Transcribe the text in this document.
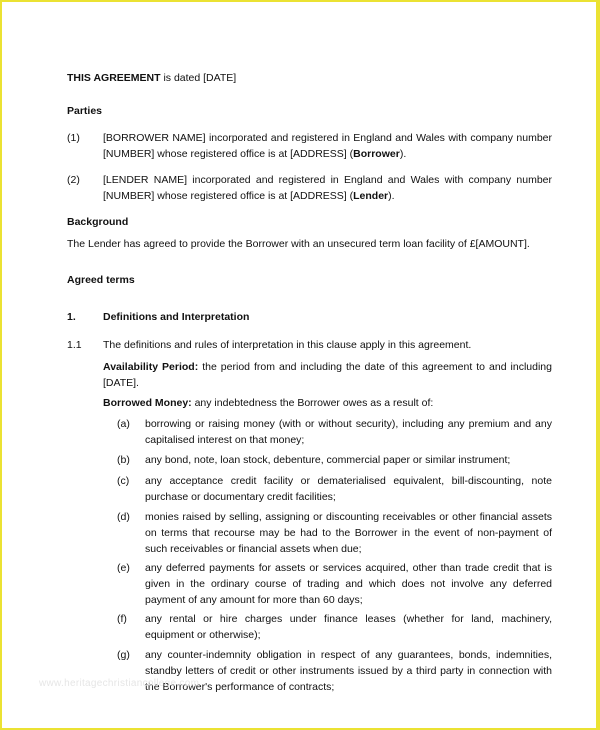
THIS AGREEMENT is dated [DATE]

Parties

(1) [BORROWER NAME] incorporated and registered in England and Wales with company number [NUMBER] whose registered office is at [ADDRESS] (Borrower).
(2) [LENDER NAME] incorporated and registered in England and Wales with company number [NUMBER] whose registered office is at [ADDRESS] (Lender).

Background

The Lender has agreed to provide the Borrower with an unsecured term loan facility of £[AMOUNT].

Agreed terms

1.	Definitions and Interpretation
1.1 The definitions and rules of interpretation in this clause apply in this agreement.
Availability Period: the period from and including the date of this agreement to and including [DATE].
Borrowed Money: any indebtedness the Borrower owes as a result of:
(a) borrowing or raising money (with or without security), including any premium and any capitalised interest on that money;
(b) any bond, note, loan stock, debenture, commercial paper or similar instrument;
(c) any acceptance credit facility or dematerialised equivalent, bill-discounting, note purchase or documentary credit facilities;
(d) monies raised by selling, assigning or discounting receivables or other financial assets on terms that recourse may be had to the Borrower in the event of non-payment of such receivables or financial assets when due;
(e) any deferred payments for assets or services acquired, other than trade credit that is given in the ordinary course of trading and which does not involve any deferred payment of any amount for more than 60 days;
(f) any rental or hire charges under finance leases (whether for land, machinery, equipment or otherwise);
(g) any counter-indemnity obligation in respect of any guarantees, bonds, indemnities, standby letters of credit or other instruments issued by a third party in connection with the Borrower's performance of contracts;
www.heritagechristiancollege.com
